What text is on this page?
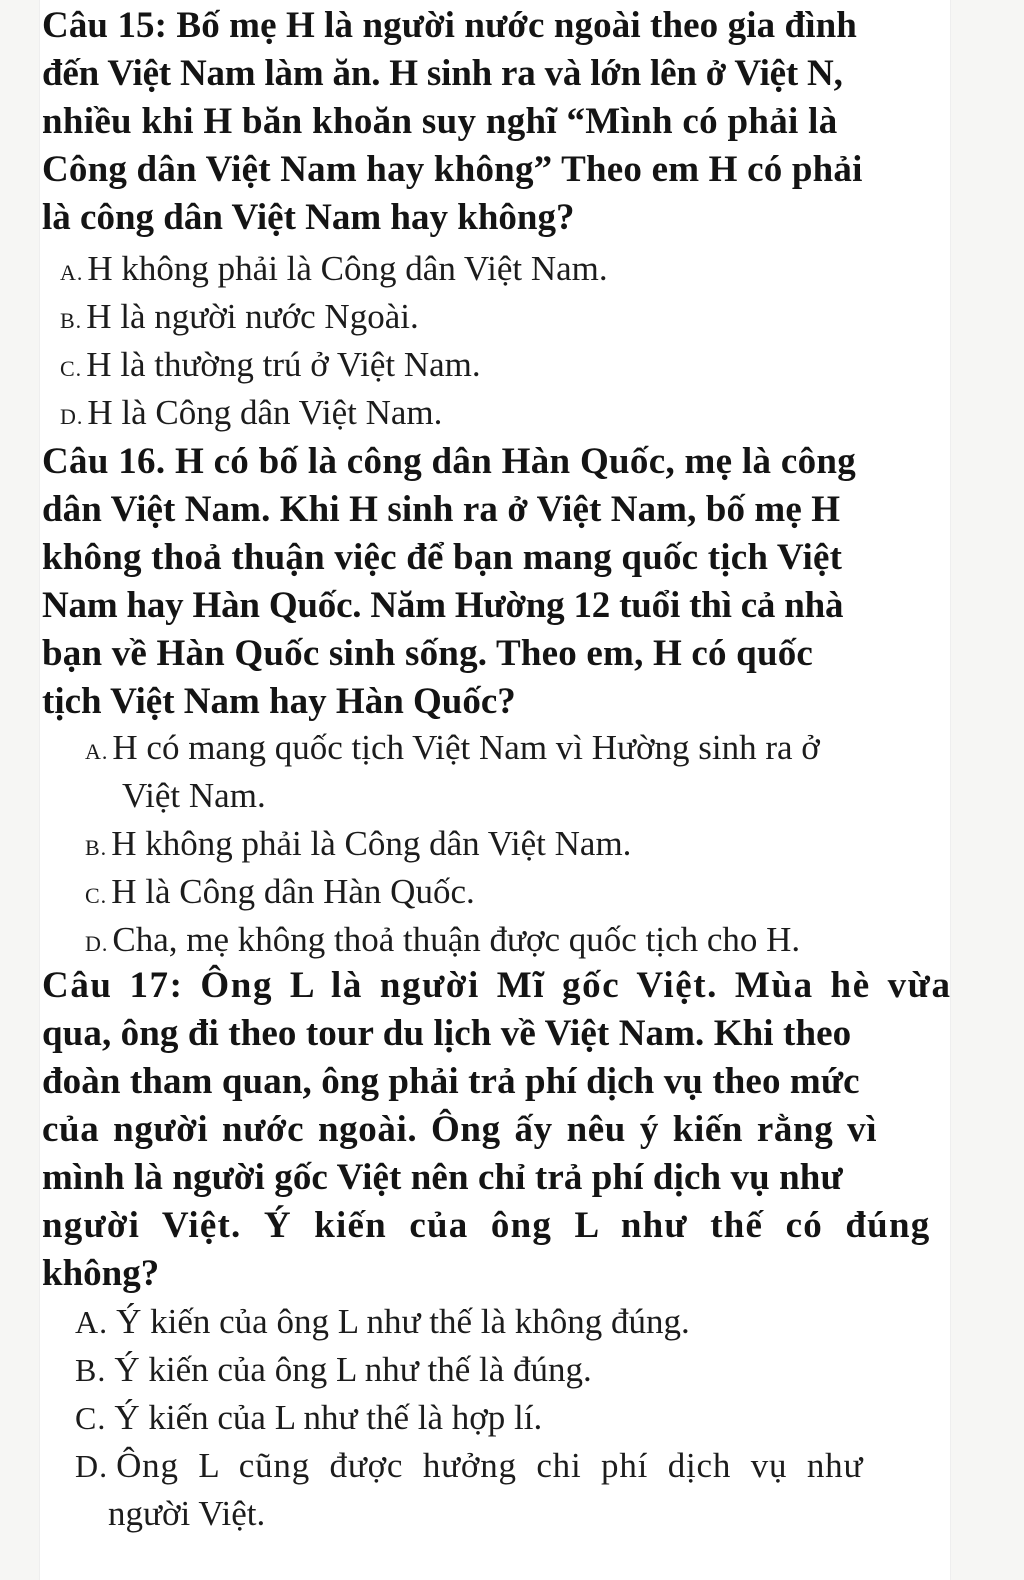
Câu 15: Bố mẹ H là người nước ngoài theo gia đình
đến Việt Nam làm ăn. H sinh ra và lớn lên ở Việt N,
nhiều khi H băn khoăn suy nghĩ “Mình có phải là
Công dân Việt Nam hay không” Theo em H có phải
là công dân Việt Nam hay không?
A. H không phải là Công dân Việt Nam.
B. H là người nước Ngoài.
C. H là thường trú ở Việt Nam.
D. H là Công dân Việt Nam.
Câu 16. H có bố là công dân Hàn Quốc, mẹ là công
dân Việt Nam. Khi H sinh ra ở Việt Nam, bố mẹ H
không thoả thuận việc để bạn mang quốc tịch Việt
Nam hay Hàn Quốc. Năm Hường 12 tuổi thì cả nhà
bạn về Hàn Quốc sinh sống. Theo em, H có quốc
tịch Việt Nam hay Hàn Quốc?
A. H có mang quốc tịch Việt Nam vì Hường sinh ra ở
Việt Nam.
B. H không phải là Công dân Việt Nam.
C. H là Công dân Hàn Quốc.
D. Cha, mẹ không thoả thuận được quốc tịch cho H.
Câu 17: Ông L là người Mĩ gốc Việt. Mùa hè vừa
qua, ông đi theo tour du lịch về Việt Nam. Khi theo
đoàn tham quan, ông phải trả phí dịch vụ theo mức
của người nước ngoài. Ông ấy nêu ý kiến rằng vì
mình là người gốc Việt nên chỉ trả phí dịch vụ như
người Việt. Ý kiến của ông L như thế có đúng
không?
A. Ý kiến của ông L như thế là không đúng.
B. Ý kiến của ông L như thế là đúng.
C. Ý kiến của L như thế là hợp lí.
D. Ông L cũng được hưởng chi phí dịch vụ như
người Việt.
